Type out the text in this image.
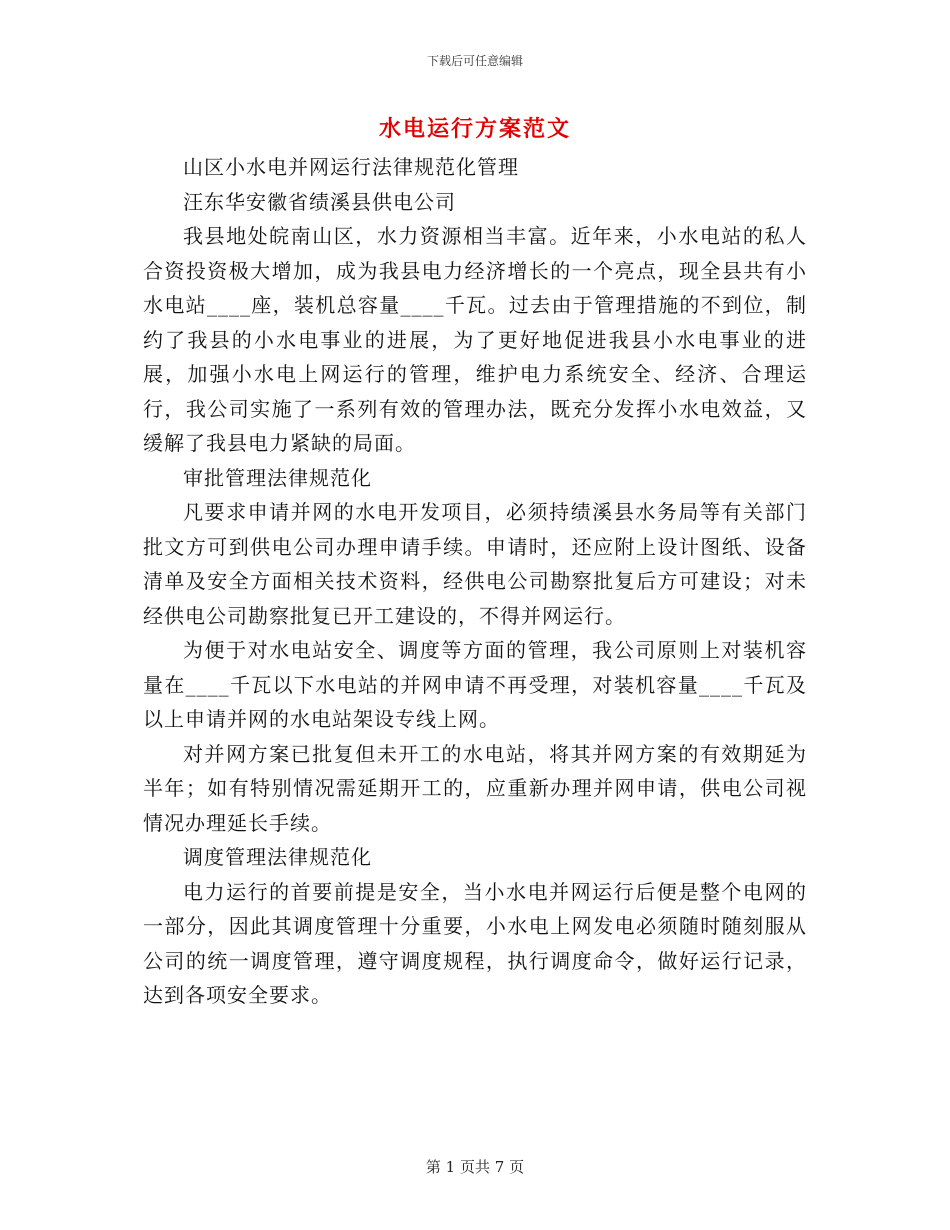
下载后可任意编辑
水电运行方案范文

山区小水电并网运行法律规范化管理

汪东华安徽省绩溪县供电公司

我县地处皖南山区，水力资源相当丰富。近年来，小水电站的私人合资投资极大增加，成为我县电力经济增长的一个亮点，现全县共有小水电站____座，装机总容量____千瓦。过去由于管理措施的不到位，制约了我县的小水电事业的进展，为了更好地促进我县小水电事业的进展，加强小水电上网运行的管理，维护电力系统安全、经济、合理运行，我公司实施了一系列有效的管理办法，既充分发挥小水电效益，又缓解了我县电力紧缺的局面。

审批管理法律规范化

凡要求申请并网的水电开发项目，必须持绩溪县水务局等有关部门批文方可到供电公司办理申请手续。申请时，还应附上设计图纸、设备清单及安全方面相关技术资料，经供电公司勘察批复后方可建设；对未经供电公司勘察批复已开工建设的，不得并网运行。

为便于对水电站安全、调度等方面的管理，我公司原则上对装机容量在____千瓦以下水电站的并网申请不再受理，对装机容量____千瓦及以上申请并网的水电站架设专线上网。

对并网方案已批复但未开工的水电站，将其并网方案的有效期延为半年；如有特别情况需延期开工的，应重新办理并网申请，供电公司视情况办理延长手续。

调度管理法律规范化

电力运行的首要前提是安全，当小水电并网运行后便是整个电网的一部分，因此其调度管理十分重要，小水电上网发电必须随时随刻服从公司的统一调度管理，遵守调度规程，执行调度命令，做好运行记录，达到各项安全要求。

第 1 页共 7 页
